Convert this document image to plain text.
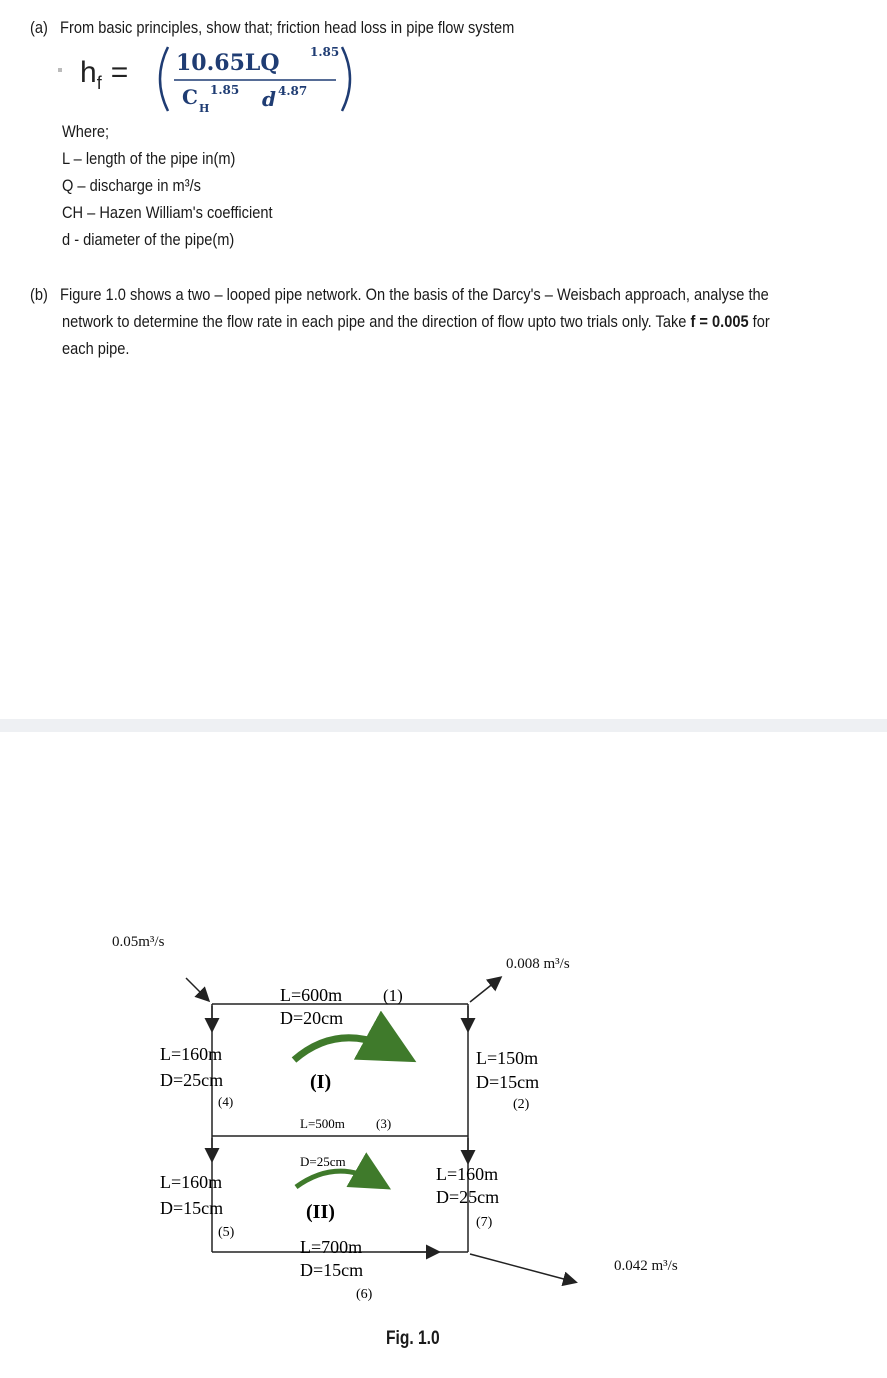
(a) From basic principles, show that; friction head loss in pipe flow system
$h_f = 10.65LQ$	1.85
C H
1.85 d 4.87
Where;
L – length of the pipe in(m)
Q – discharge in m³/s
CH – Hazen William's coefficient
d - diameter of the pipe(m)
(b) Figure 1.0 shows a two – looped pipe network. On the basis of the Darcy's – Weisbach approach, analyse the
network to determine the flow rate in each pipe and the direction of flow upto two trials only. Take f = 0.005 for
each pipe.
0.05m³/s
0.008 m³/s
0.042 m³/s
L=600m (1)
D=20cm
L=150m
D=15cm
(2)
L=500m (3)
D=25cm
L=160m
D=25cm
(4)
L=160m
D=15cm
(5)
L=700m
D=15cm
(6)
L=160m
D=25cm
(7)
(I)
(II)
Fig. 1.0
